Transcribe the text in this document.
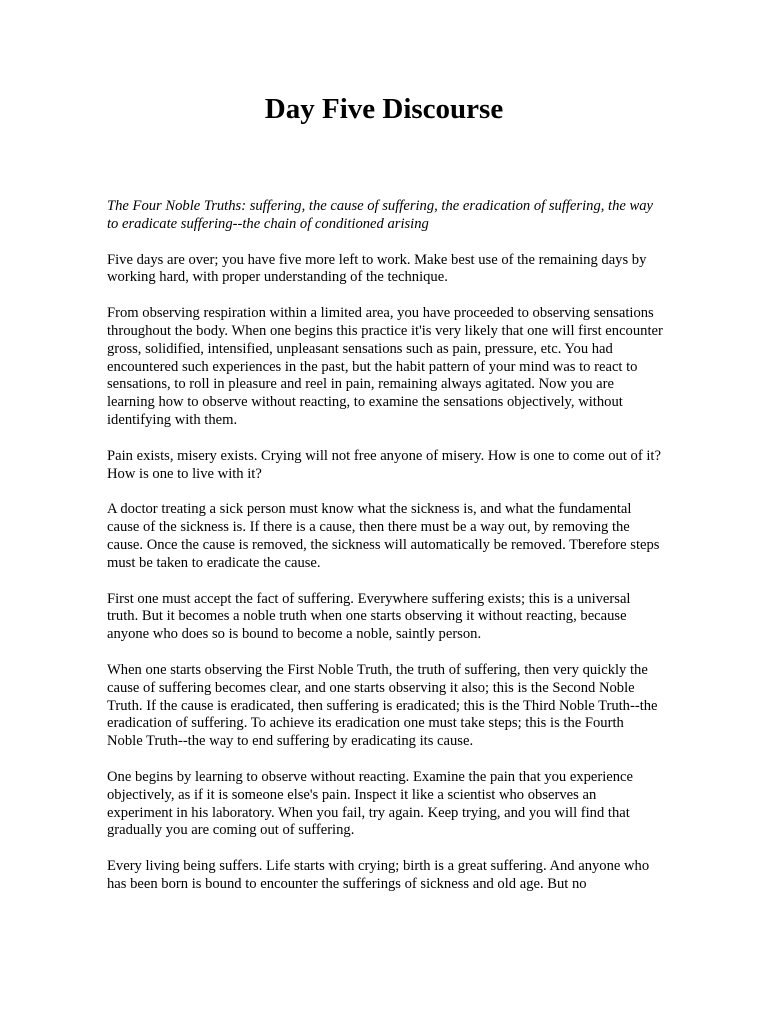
Day Five Discourse

The Four Noble Truths: suffering, the cause of suffering, the eradication of suffering, the way to eradicate suffering--the chain of conditioned arising

Five days are over; you have five more left to work. Make best use of the remaining days by working hard, with proper understanding of the technique.

From observing respiration within a limited area, you have proceeded to observing sensations throughout the body. When one begins this practice it'is very likely that one will first encounter gross, solidified, intensified, unpleasant sensations such as pain, pressure, etc. You had encountered such experiences in the past, but the habit pattern of your mind was to react to sensations, to roll in pleasure and reel in pain, remaining always agitated. Now you are learning how to observe without reacting, to examine the sensations objectively, without identifying with them.

Pain exists, misery exists. Crying will not free anyone of misery. How is one to come out of it? How is one to live with it?

A doctor treating a sick person must know what the sickness is, and what the fundamental cause of the sickness is. If there is a cause, then there must be a way out, by removing the cause. Once the cause is removed, the sickness will automatically be removed. Tberefore steps must be taken to eradicate the cause.

First one must accept the fact of suffering. Everywhere suffering exists; this is a universal truth. But it becomes a noble truth when one starts observing it without reacting, because anyone who does so is bound to become a noble, saintly person.

When one starts observing the First Noble Truth, the truth of suffering, then very quickly the cause of suffering becomes clear, and one starts observing it also; this is the Second Noble Truth. If the cause is eradicated, then suffering is eradicated; this is the Third Noble Truth--the eradication of suffering. To achieve its eradication one must take steps; this is the Fourth Noble Truth--the way to end suffering by eradicating its cause.

One begins by learning to observe without reacting. Examine the pain that you experience objectively, as if it is someone else's pain. Inspect it like a scientist who observes an experiment in his laboratory. When you fail, try again. Keep trying, and you will find that gradually you are coming out of suffering.

Every living being suffers. Life starts with crying; birth is a great suffering. And anyone who has been born is bound to encounter the sufferings of sickness and old age. But no
